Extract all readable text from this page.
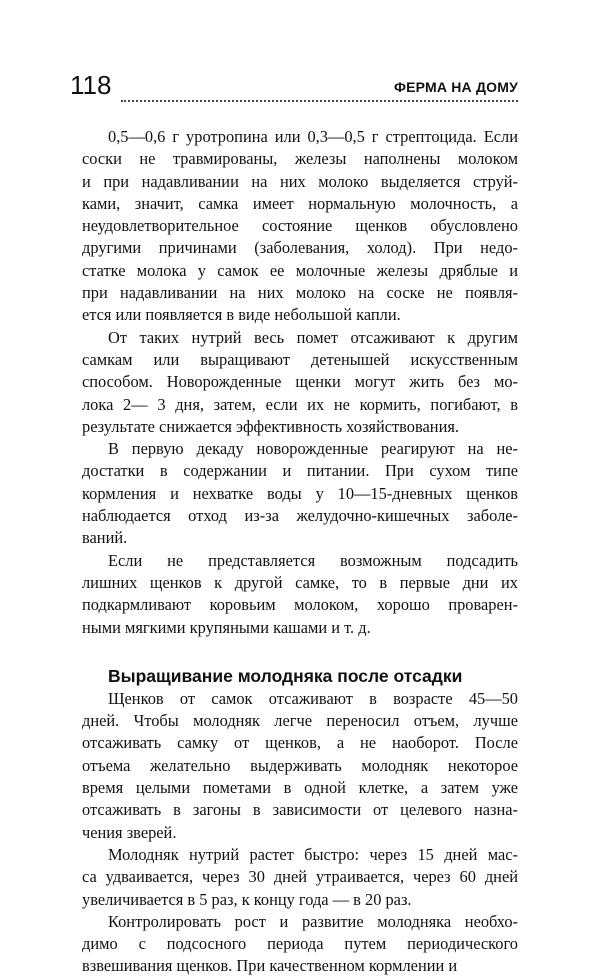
118	ФЕРМА НА ДОМУ

0,5—0,6 г уротропина или 0,3—0,5 г стрептоцида. Если
соски не травмированы, железы наполнены молоком
и при надавливании на них молоко выделяется струй-
ками, значит, самка имеет нормальную молочность, а
неудовлетворительное состояние щенков обусловлено
другими причинами (заболевания, холод). При недо-
статке молока у самок ее молочные железы дряблые и
при надавливании на них молоко на соске не появля-
ется или появляется в виде небольшой капли.

От таких нутрий весь помет отсаживают к другим
самкам или выращивают детенышей искусственным
способом. Новорожденные щенки могут жить без мо-
лока 2— 3 дня, затем, если их не кормить, погибают, в
результате снижается эффективность хозяйствования.

В первую декаду новорожденные реагируют на не-
достатки в содержании и питании. При сухом типе
кормления и нехватке воды у 10—15-дневных щенков
наблюдается отход из-за желудочно-кишечных заболе-
ваний.

Если не представляется возможным подсадить
лишних щенков к другой самке, то в первые дни их
подкармливают коровьим молоком, хорошо проварен-
ными мягкими крупяными кашами и т. д.

Выращивание молодняка после отсадки

Щенков от самок отсаживают в возрасте 45—50
дней. Чтобы молодняк легче переносил отъем, лучше
отсаживать самку от щенков, а не наоборот. После
отъема желательно выдерживать молодняк некоторое
время целыми пометами в одной клетке, а затем уже
отсаживать в загоны в зависимости от целевого назна-
чения зверей.

Молодняк нутрий растет быстро: через 15 дней мас-
са удваивается, через 30 дней утраивается, через 60 дней
увеличивается в 5 раз, к концу года — в 20 раз.

Контролировать рост и развитие молодняка необхо-
димо с подсосного периода путем периодического
взвешивания щенков. При качественном кормлении и
